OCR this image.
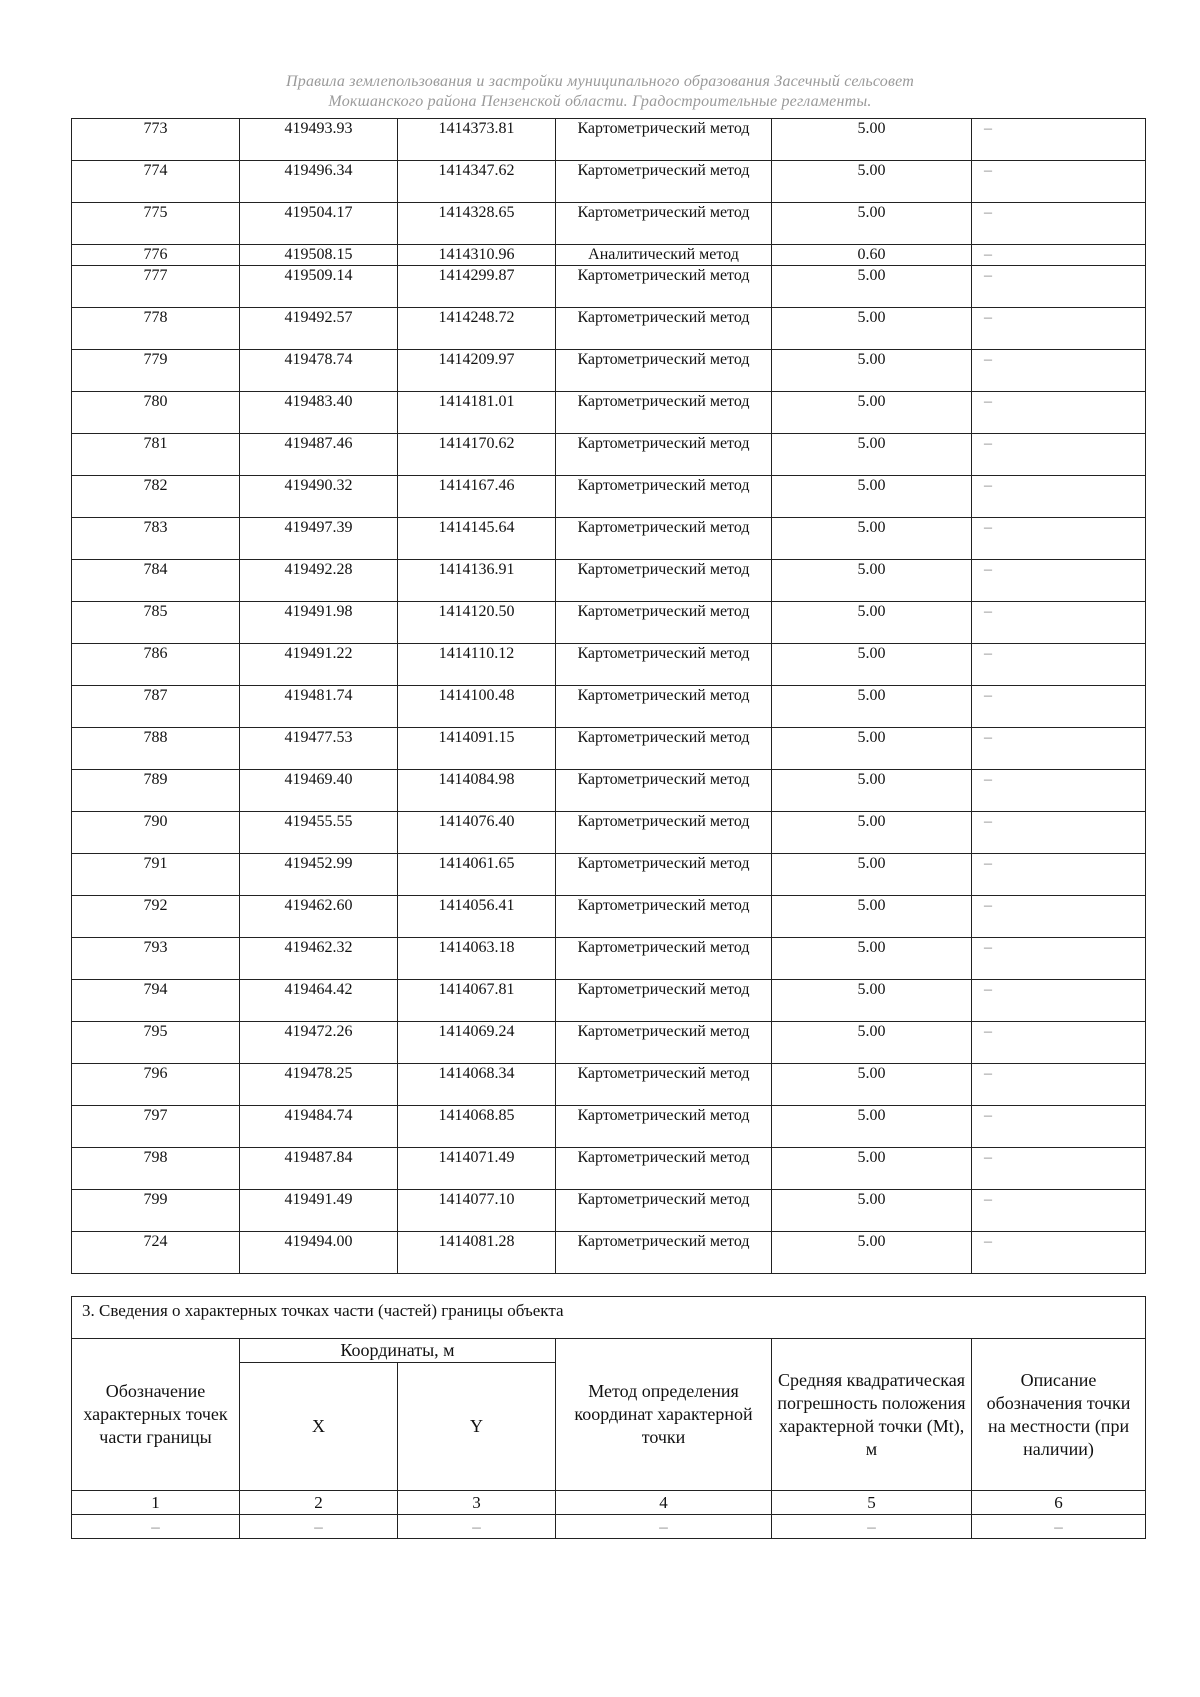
Правила землепользования и застройки муниципального образования Засечный сельсовет
Мокшанского района Пензенской области. Градостроительные регламенты.
773	419493.93	1414373.81	Картометрический метод	5.00	–
774	419496.34	1414347.62	Картометрический метод	5.00	–
775	419504.17	1414328.65	Картометрический метод	5.00	–
776	419508.15	1414310.96	Аналитический метод	0.60	–
777	419509.14	1414299.87	Картометрический метод	5.00	–
778	419492.57	1414248.72	Картометрический метод	5.00	–
779	419478.74	1414209.97	Картометрический метод	5.00	–
780	419483.40	1414181.01	Картометрический метод	5.00	–
781	419487.46	1414170.62	Картометрический метод	5.00	–
782	419490.32	1414167.46	Картометрический метод	5.00	–
783	419497.39	1414145.64	Картометрический метод	5.00	–
784	419492.28	1414136.91	Картометрический метод	5.00	–
785	419491.98	1414120.50	Картометрический метод	5.00	–
786	419491.22	1414110.12	Картометрический метод	5.00	–
787	419481.74	1414100.48	Картометрический метод	5.00	–
788	419477.53	1414091.15	Картометрический метод	5.00	–
789	419469.40	1414084.98	Картометрический метод	5.00	–
790	419455.55	1414076.40	Картометрический метод	5.00	–
791	419452.99	1414061.65	Картометрический метод	5.00	–
792	419462.60	1414056.41	Картометрический метод	5.00	–
793	419462.32	1414063.18	Картометрический метод	5.00	–
794	419464.42	1414067.81	Картометрический метод	5.00	–
795	419472.26	1414069.24	Картометрический метод	5.00	–
796	419478.25	1414068.34	Картометрический метод	5.00	–
797	419484.74	1414068.85	Картометрический метод	5.00	–
798	419487.84	1414071.49	Картометрический метод	5.00	–
799	419491.49	1414077.10	Картометрический метод	5.00	–
724	419494.00	1414081.28	Картометрический метод	5.00	–
3. Сведения о характерных точках части (частей) границы объекта					
Обозначение характерных точек части границы	Координаты, м		Метод определения координат характерной точки	Средняя квадратическая погрешность положения характерной точки (Mt), м	Описание обозначения точки на местности (при наличии)
	X	Y			
1	2	3	4	5	6
–	–	–	–	–	–
